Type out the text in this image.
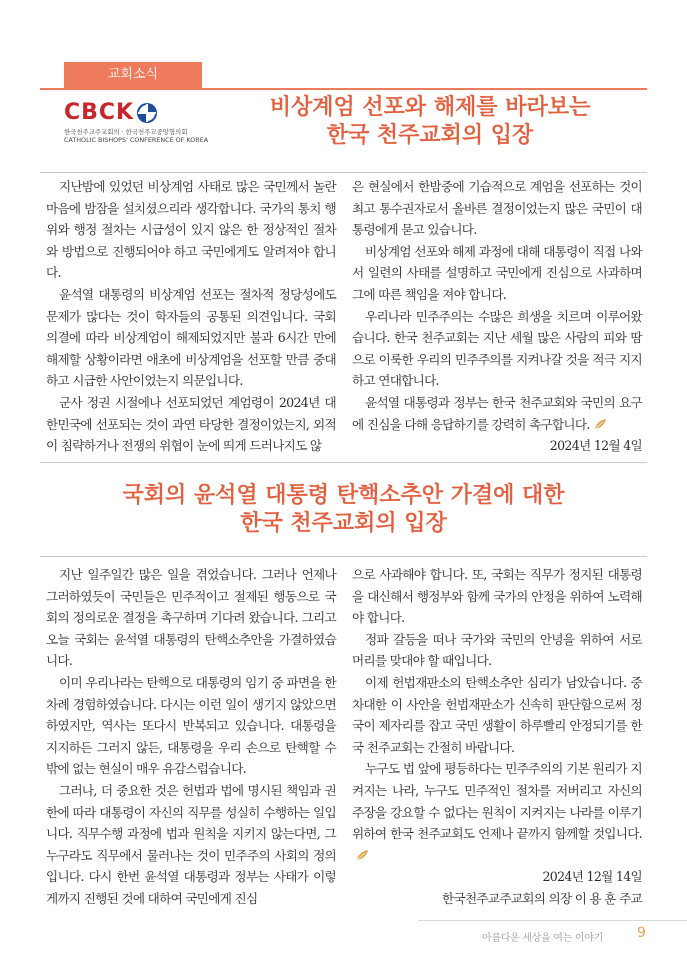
교회소식
CBCK
한국천주교주교회의 · 한국천주교중앙협의회
CATHOLIC BISHOPS' CONFERENCE OF KOREA
비상계엄 선포와 해제를 바라보는
한국 천주교회의 입장

지난밤에 있었던 비상계엄 사태로 많은 국민께서 놀란 마음에 밤잠을 설치셨으리라 생각합니다. 국가의 통치 행위와 행정 절차는 시급성이 있지 않은 한 정상적인 절차와 방법으로 진행되어야 하고 국민에게도 알려져야 합니다.

윤석열 대통령의 비상계엄 선포는 절차적 정당성에도 문제가 많다는 것이 학자들의 공통된 의견입니다. 국회 의결에 따라 비상계엄이 해제되었지만 불과 6시간 만에 해제할 상황이라면 애초에 비상계엄을 선포할 만큼 중대하고 시급한 사안이었는지 의문입니다.

군사 정권 시절에나 선포되었던 계엄령이 2024년 대한민국에 선포되는 것이 과연 타당한 결정이었는지, 외적이 침략하거나 전쟁의 위협이 눈에 띄게 드러나지도 않

은 현실에서 한밤중에 기습적으로 계엄을 선포하는 것이 최고 통수권자로서 올바른 결정이었는지 많은 국민이 대통령에게 묻고 있습니다.

비상계엄 선포와 해제 과정에 대해 대통령이 직접 나와서 일련의 사태를 설명하고 국민에게 진심으로 사과하며 그에 따른 책임을 져야 합니다.

우리나라 민주주의는 수많은 희생을 치르며 이루어왔습니다. 한국 천주교회는 지난 세월 많은 사람의 피와 땀으로 이룩한 우리의 민주주의를 지켜나갈 것을 적극 지지하고 연대합니다.

윤석열 대통령과 정부는 한국 천주교회와 국민의 요구에 진심을 다해 응답하기를 강력히 촉구합니다.

2024년 12월 4일
국회의 윤석열 대통령 탄핵소추안 가결에 대한
한국 천주교회의 입장

지난 일주일간 많은 일을 겪었습니다. 그러나 언제나 그러하였듯이 국민들은 민주적이고 절제된 행동으로 국회의 정의로운 결정을 촉구하며 기다려 왔습니다. 그리고 오늘 국회는 윤석열 대통령의 탄핵소추안을 가결하였습니다.

이미 우리나라는 탄핵으로 대통령의 임기 중 파면을 한 차례 경험하였습니다. 다시는 이런 일이 생기지 않았으면 하였지만, 역사는 또다시 반복되고 있습니다. 대통령을 지지하든 그러지 않든, 대통령을 우리 손으로 탄핵할 수밖에 없는 현실이 매우 유감스럽습니다.

그러나, 더 중요한 것은 헌법과 법에 명시된 책임과 권한에 따라 대통령이 자신의 직무를 성실히 수행하는 일입니다. 직무수행 과정에 법과 원칙을 지키지 않는다면, 그 누구라도 직무에서 물러나는 것이 민주주의 사회의 정의입니다. 다시 한번 윤석열 대통령과 정부는 사태가 이렇게까지 진행된 것에 대하여 국민에게 진심

으로 사과해야 합니다. 또, 국회는 직무가 정지된 대통령을 대신해서 행정부와 함께 국가의 안정을 위하여 노력해야 합니다.

정파 갈등을 떠나 국가와 국민의 안녕을 위하여 서로 머리를 맞대야 할 때입니다.

이제 헌법재판소의 탄핵소추안 심리가 남았습니다. 중차대한 이 사안을 헌법재판소가 신속히 판단함으로써 정국이 제자리를 잡고 국민 생활이 하루빨리 안정되기를 한국 천주교회는 간절히 바랍니다.

누구도 법 앞에 평등하다는 민주주의의 기본 원리가 지켜지는 나라, 누구도 민주적인 절차를 저버리고 자신의 주장을 강요할 수 없다는 원칙이 지켜지는 나라를 이루기 위하여 한국 천주교회도 언제나 끝까지 함께할 것입니다.

2024년 12월 14일
한국천주교주교회의 의장 이 용 훈 주교
아름다운 세상을 여는 이야기 9
